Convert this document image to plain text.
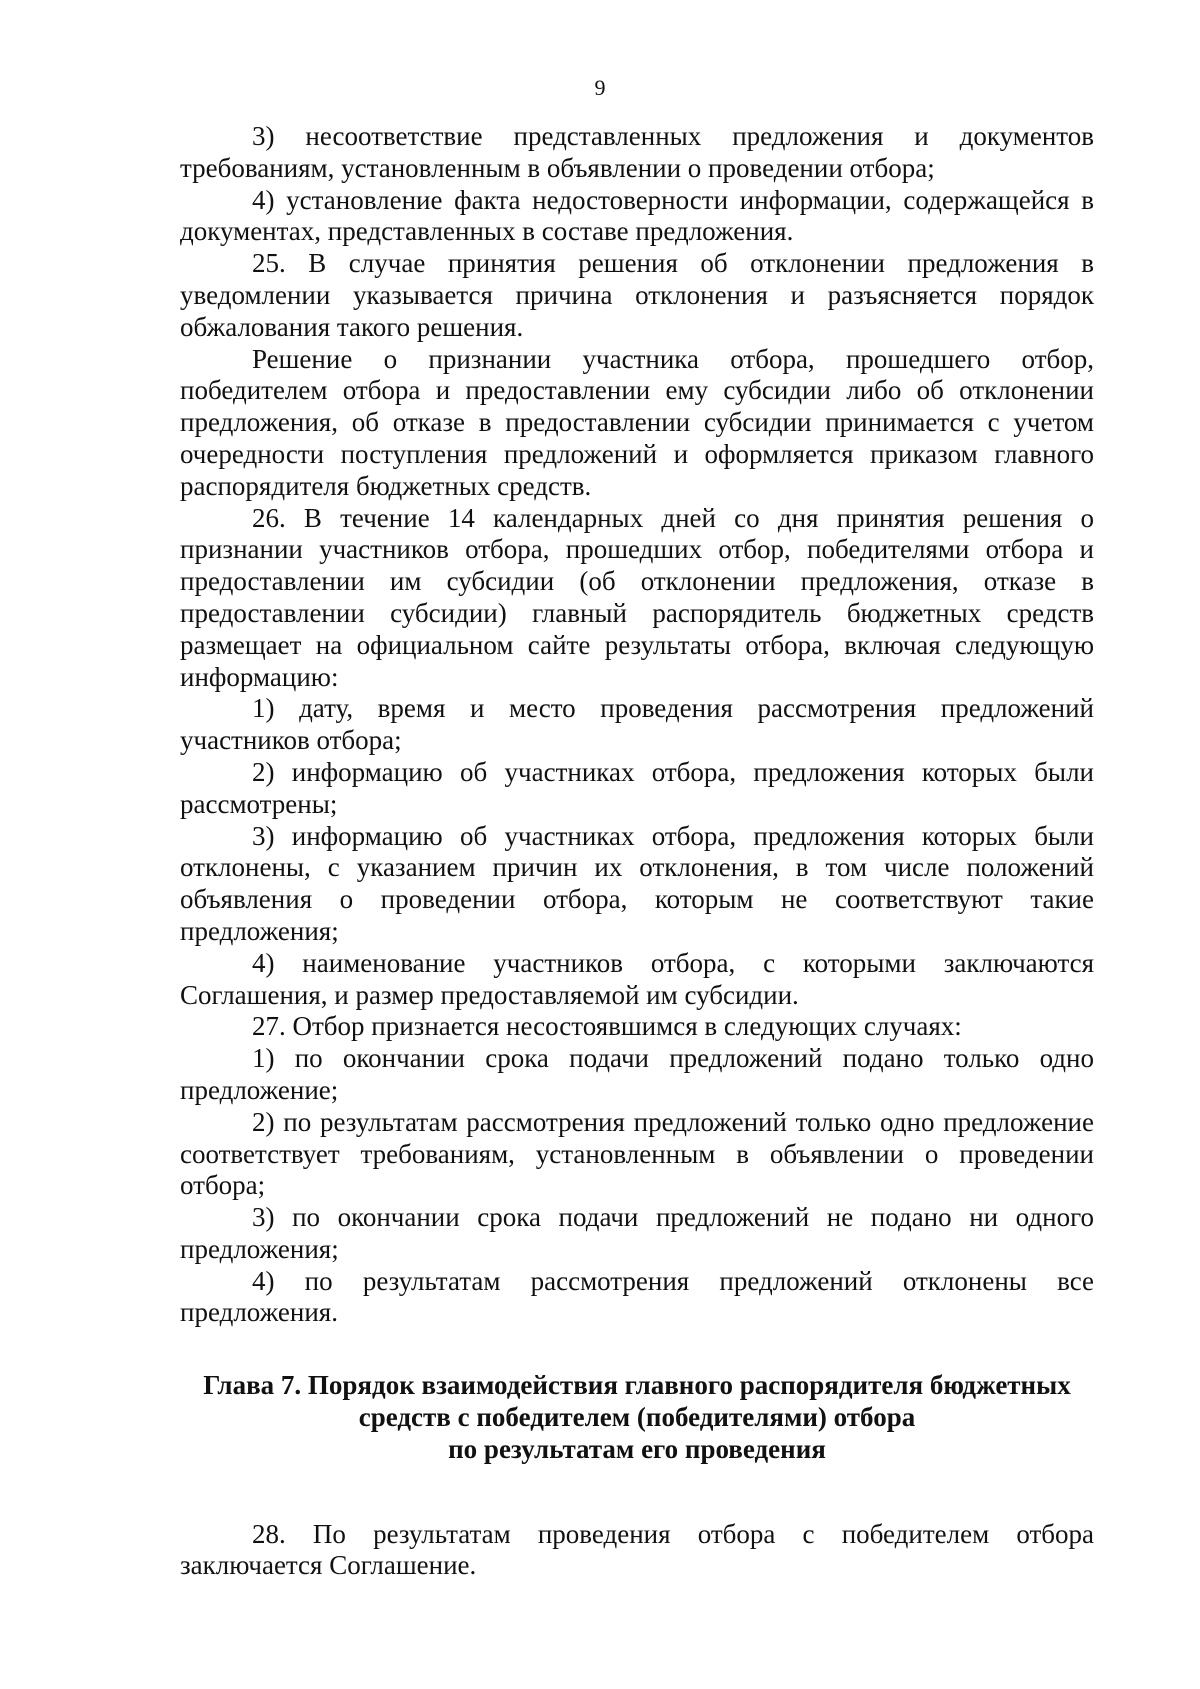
9

3) несоответствие представленных предложения и документов требованиям, установленным в объявлении о проведении отбора;

4) установление факта недостоверности информации, содержащейся в документах, представленных в составе предложения.

25. В случае принятия решения об отклонении предложения в уведомлении указывается причина отклонения и разъясняется порядок обжалования такого решения.

Решение о признании участника отбора, прошедшего отбор, победителем отбора и предоставлении ему субсидии либо об отклонении предложения, об отказе в предоставлении субсидии принимается с учетом очередности поступления предложений и оформляется приказом главного распорядителя бюджетных средств.

26. В течение 14 календарных дней со дня принятия решения о признании участников отбора, прошедших отбор, победителями отбора и предоставлении им субсидии (об отклонении предложения, отказе в предоставлении субсидии) главный распорядитель бюджетных средств размещает на официальном сайте результаты отбора, включая следующую информацию:

1) дату, время и место проведения рассмотрения предложений участников отбора;

2) информацию об участниках отбора, предложения которых были рассмотрены;

3) информацию об участниках отбора, предложения которых были отклонены, с указанием причин их отклонения, в том числе положений объявления о проведении отбора, которым не соответствуют такие предложения;

4) наименование участников отбора, с которыми заключаются Соглашения, и размер предоставляемой им субсидии.

27. Отбор признается несостоявшимся в следующих случаях:

1) по окончании срока подачи предложений подано только одно предложение;

2) по результатам рассмотрения предложений только одно предложение соответствует требованиям, установленным в объявлении о проведении отбора;

3) по окончании срока подачи предложений не подано ни одного предложения;

4) по результатам рассмотрения предложений отклонены все предложения.

Глава 7. Порядок взаимодействия главного распорядителя бюджетных
средств с победителем (победителями) отбора
по результатам его проведения

28. По результатам проведения отбора с победителем отбора заключается Соглашение.
